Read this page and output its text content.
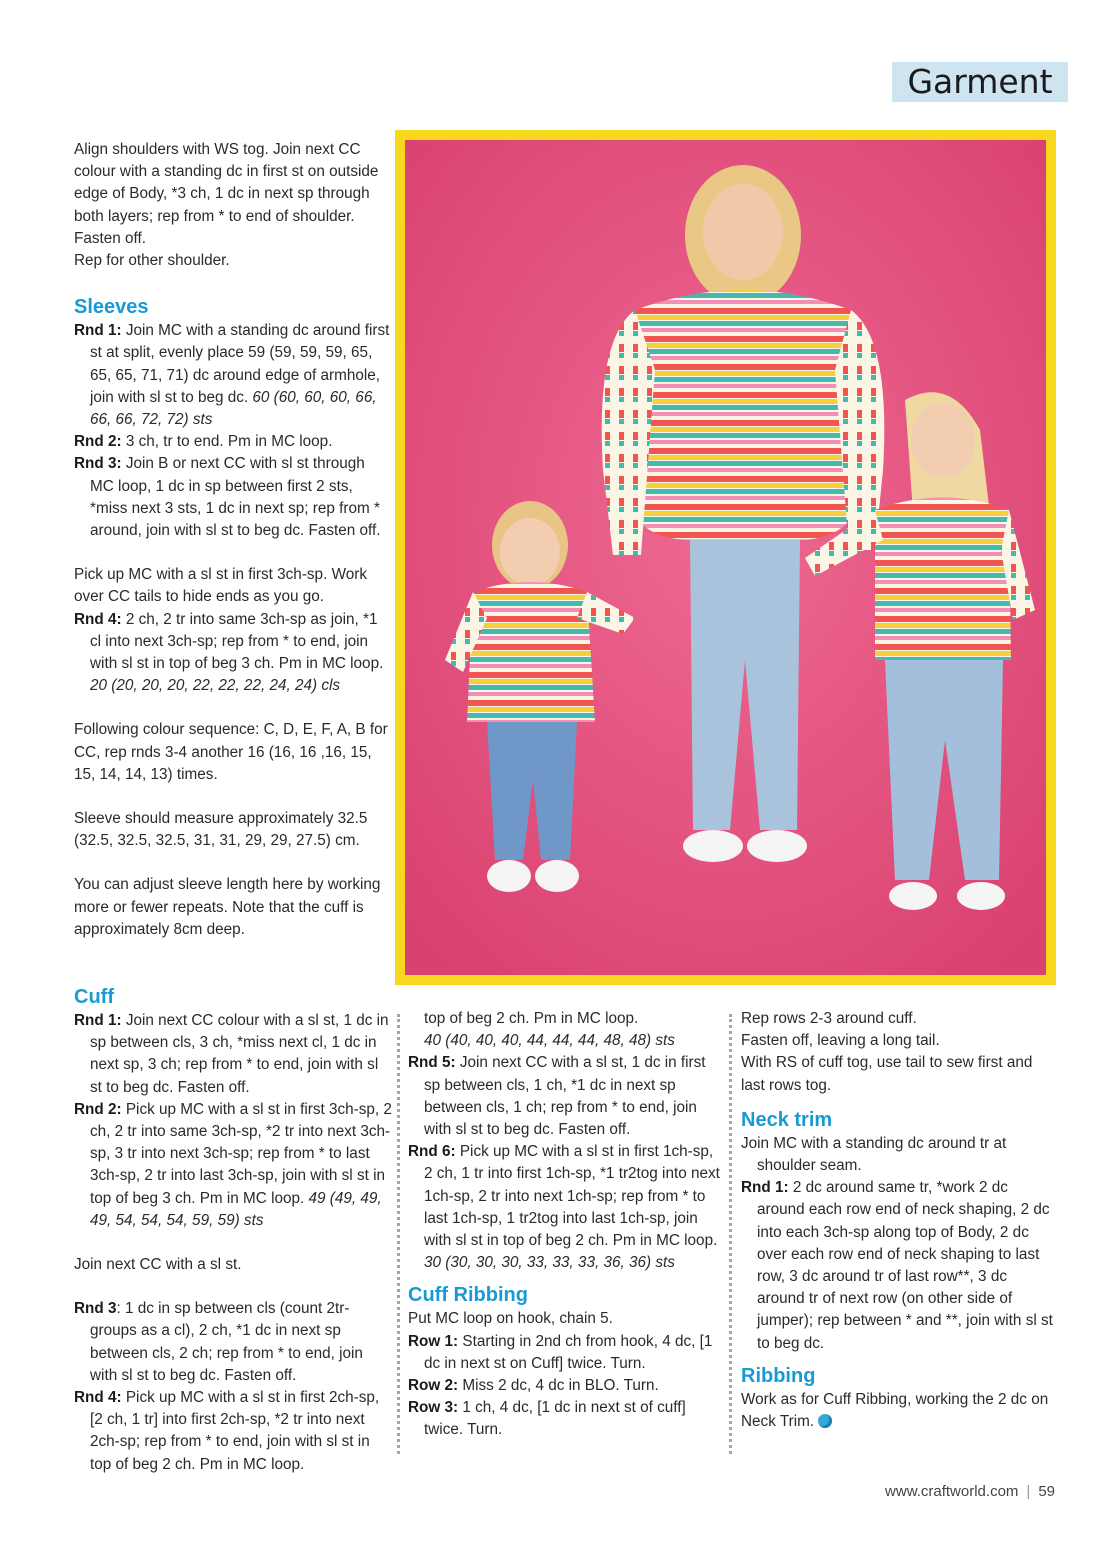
Garment

Align shoulders with WS tog. Join next CC colour with a standing dc in first st on outside edge of Body, *3 ch, 1 dc in next sp through both layers; rep from * to end of shoulder. Fasten off.

Rep for other shoulder.

Sleeves
Rnd 1: Join MC with a standing dc around first st at split, evenly place 59 (59, 59, 59, 65, 65, 65, 71, 71) dc around edge of armhole, join with sl st to beg dc. 60 (60, 60, 60, 66, 66, 66, 72, 72) sts
Rnd 2: 3 ch, tr to end. Pm in MC loop.
Rnd 3: Join B or next CC with sl st through MC loop, 1 dc in sp between first 2 sts, *miss next 3 sts, 1 dc in next sp; rep from * around, join with sl st to beg dc. Fasten off.

Pick up MC with a sl st in first 3ch-sp. Work over CC tails to hide ends as you go.

Rnd 4: 2 ch, 2 tr into same 3ch-sp as join, *1 cl into next 3ch-sp; rep from * to end, join with sl st in top of beg 3 ch. Pm in MC loop. 20 (20, 20, 20, 22, 22, 22, 24, 24) cls

Following colour sequence: C, D, E, F, A, B for CC, rep rnds 3-4 another 16 (16, 16 ,16, 15, 15, 14, 14, 13) times.

Sleeve should measure approximately 32.5 (32.5, 32.5, 32.5, 31, 31, 29, 29, 27.5) cm.

You can adjust sleeve length here by working more or fewer repeats. Note that the cuff is approximately 8cm deep.

Cuff
Rnd 1: Join next CC colour with a sl st, 1 dc in sp between cls, 3 ch, *miss next cl, 1 dc in next sp, 3 ch; rep from * to end, join with sl st to beg dc. Fasten off.
Rnd 2: Pick up MC with a sl st in first 3ch-sp, 2 ch, 2 tr into same 3ch-sp, *2 tr into next 3ch-sp, 3 tr into next 3ch-sp; rep from * to last 3ch-sp, 2 tr into last 3ch-sp, join with sl st in top of beg 3 ch. Pm in MC loop. 49 (49, 49, 49, 54, 54, 54, 59, 59) sts

Join next CC with a sl st.

Rnd 3: 1 dc in sp between cls (count 2tr-groups as a cl), 2 ch, *1 dc in next sp between cls, 2 ch; rep from * to end, join with sl st to beg dc. Fasten off.
Rnd 4: Pick up MC with a sl st in first 2ch-sp, [2 ch, 1 tr] into first 2ch-sp, *2 tr into next 2ch-sp; rep from * to end, join with sl st in top of beg 2 ch. Pm in MC loop.
top of beg 2 ch. Pm in MC loop.
40 (40, 40, 40, 44, 44, 44, 48, 48) sts
Rnd 5: Join next CC with a sl st, 1 dc in first sp between cls, 1 ch, *1 dc in next sp between cls, 1 ch; rep from * to end, join with sl st to beg dc. Fasten off.
Rnd 6: Pick up MC with a sl st in first 1ch-sp, 2 ch, 1 tr into first 1ch-sp, *1 tr2tog into next 1ch-sp, 2 tr into next 1ch-sp; rep from * to last 1ch-sp, 1 tr2tog into last 1ch-sp, join with sl st in top of beg 2 ch. Pm in MC loop. 30 (30, 30, 30, 33, 33, 33, 36, 36) sts
Cuff Ribbing

Put MC loop on hook, chain 5.

Row 1: Starting in 2nd ch from hook, 4 dc, [1 dc in next st on Cuff] twice. Turn.
Row 2: Miss 2 dc, 4 dc in BLO. Turn.
Row 3: 1 ch, 4 dc, [1 dc in next st of cuff] twice. Turn.

Rep rows 2-3 around cuff.

Fasten off, leaving a long tail.

With RS of cuff tog, use tail to sew first and last rows tog.

Neck trim
Join MC with a standing dc around tr at shoulder seam.
Rnd 1: 2 dc around same tr, *work 2 dc around each row end of neck shaping, 2 dc into each 3ch-sp along top of Body, 2 dc over each row end of neck shaping to last row, 3 dc around tr of last row**, 3 dc around tr of next row (on other side of jumper); rep between * and **, join with sl st to beg dc.
Ribbing

Work as for Cuff Ribbing, working the 2 dc on Neck Trim.

www.craftworld.com | 59
